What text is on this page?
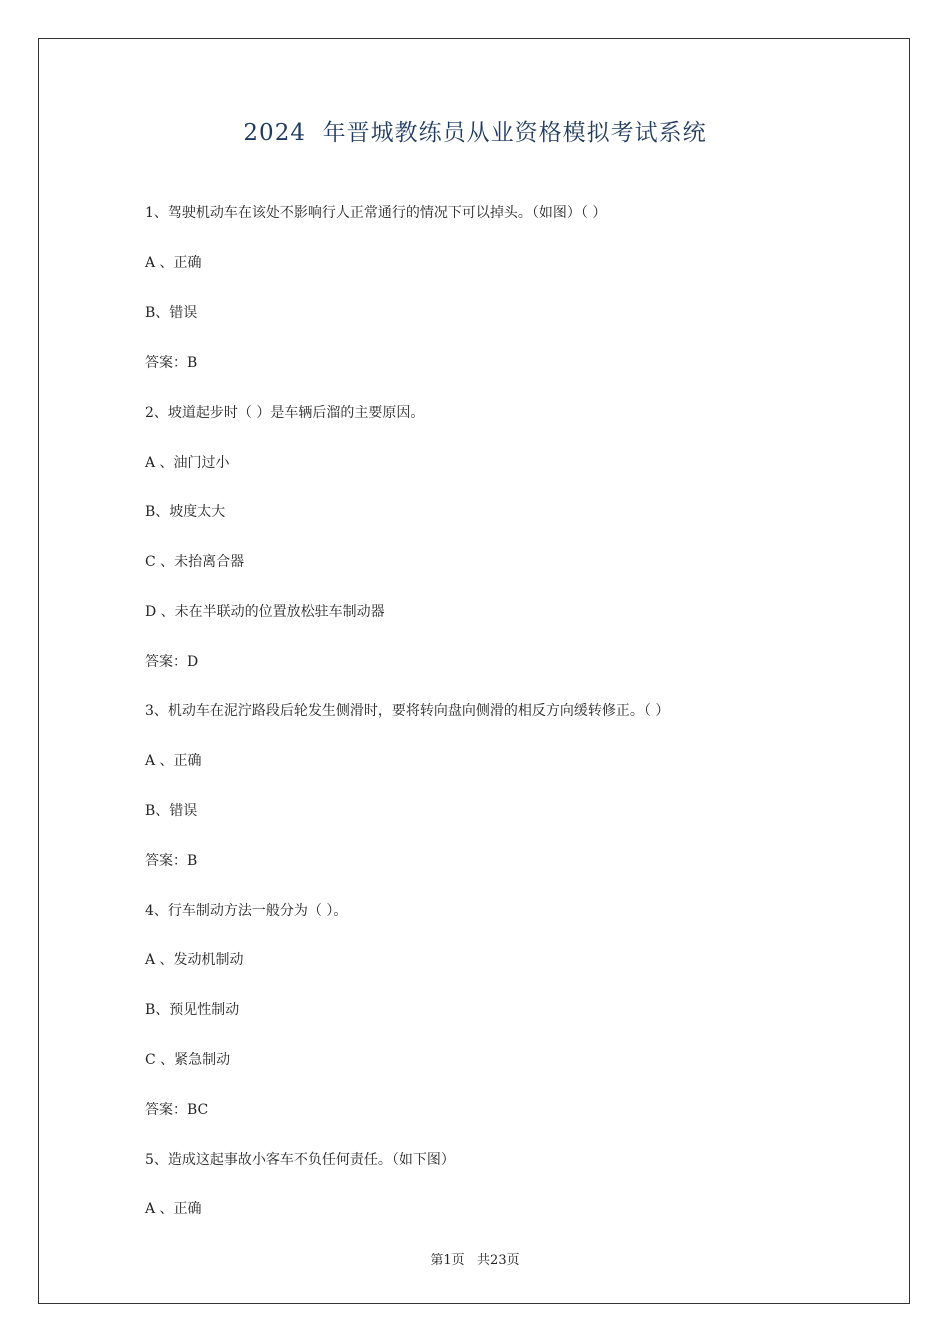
2024  年晋城教练员从业资格模拟考试系统
1、驾驶机动车在该处不影响行人正常通行的情况下可以掉头。（如图）（ ）
A 、正确
B、错误
答案：B
2、坡道起步时（ ）是车辆后溜的主要原因。
A 、油门过小
B、坡度太大
C 、未抬离合器
D 、未在半联动的位置放松驻车制动器
答案：D
3、机动车在泥泞路段后轮发生侧滑时，要将转向盘向侧滑的相反方向缓转修正。（ ）
A 、正确
B、错误
答案：B
4、行车制动方法一般分为（ ）。
A 、发动机制动
B、预见性制动
C 、紧急制动
答案：BC
5、造成这起事故小客车不负任何责任。（如下图）
A 、正确
第1页   共23页
